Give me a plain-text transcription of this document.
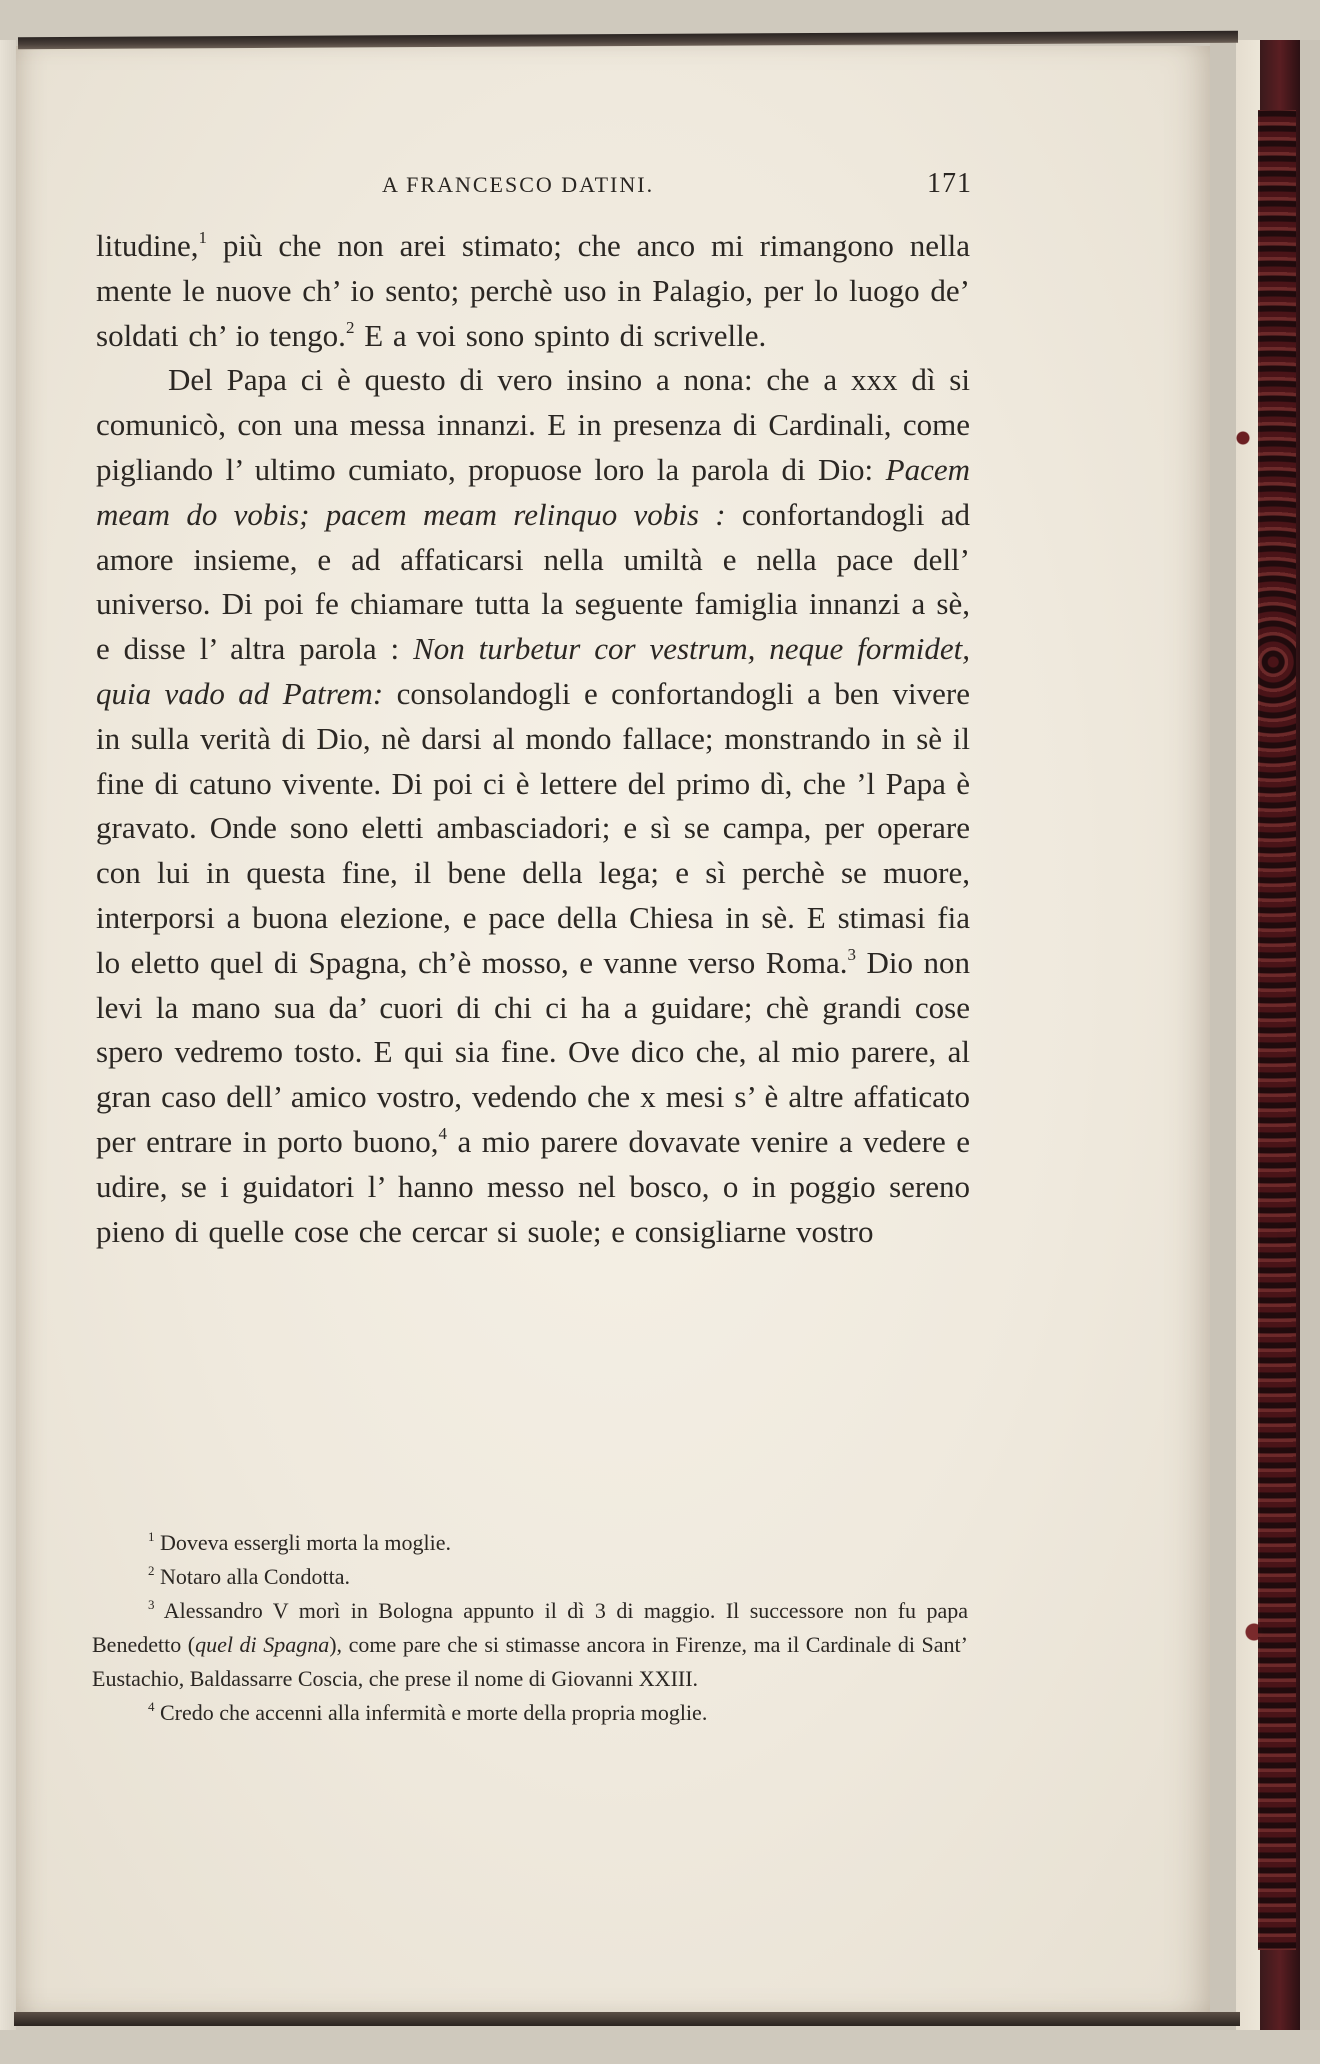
A FRANCESCO DATINI.	171

litudine,$^1$ più che non arei stimato; che anco mi rimangono nella mente le nuove ch’ io sento; perchè uso in Palagio, per lo luogo de’ soldati ch’ io tengo.$^2$ E a voi sono spinto di scrivelle.

Del Papa ci è questo di vero insino a nona: che a xxx dì si comunicò, con una messa innanzi. E in presenza di Cardinali, come pigliando l’ ultimo cumiato, propuose loro la parola di Dio: Pacem meam do vobis; pacem meam relinquo vobis : confortandogli ad amore insieme, e ad affaticarsi nella umiltà e nella pace dell’ universo. Di poi fe chiamare tutta la seguente famiglia innanzi a sè, e disse l’ altra parola : Non turbetur cor vestrum, neque formidet, quia vado ad Patrem: consolandogli e confortandogli a ben vivere in sulla verità di Dio, nè darsi al mondo fallace; monstrando in sè il fine di catuno vivente. Di poi ci è lettere del primo dì, che ’l Papa è gravato. Onde sono eletti ambasciadori; e sì se campa, per operare con lui in questa fine, il bene della lega; e sì perchè se muore, interporsi a buona elezione, e pace della Chiesa in sè. E stimasi fia lo eletto quel di Spagna, ch’è mosso, e vanne verso Roma.$^3$ Dio non levi la mano sua da’ cuori di chi ci ha a guidare; chè grandi cose spero vedremo tosto. E qui sia fine. Ove dico che, al mio parere, al gran caso dell’ amico vostro, vedendo che x mesi s’ è altre affaticato per entrare in porto buono,$^4$ a mio parere dovavate venire a vedere e udire, se i guidatori l’ hanno messo nel bosco, o in poggio sereno pieno di quelle cose che cercar si suole; e consigliarne vostro

$^1$ Doveva essergli morta la moglie.

$^2$ Notaro alla Condotta.

$^3$ Alessandro V morì in Bologna appunto il dì 3 di maggio. Il successore non fu papa Benedetto (quel di Spagna), come pare che si stimasse ancora in Firenze, ma il Cardinale di Sant’ Eustachio, Baldassarre Coscia, che prese il nome di Giovanni XXIII.

$^4$ Credo che accenni alla infermità e morte della propria moglie.
